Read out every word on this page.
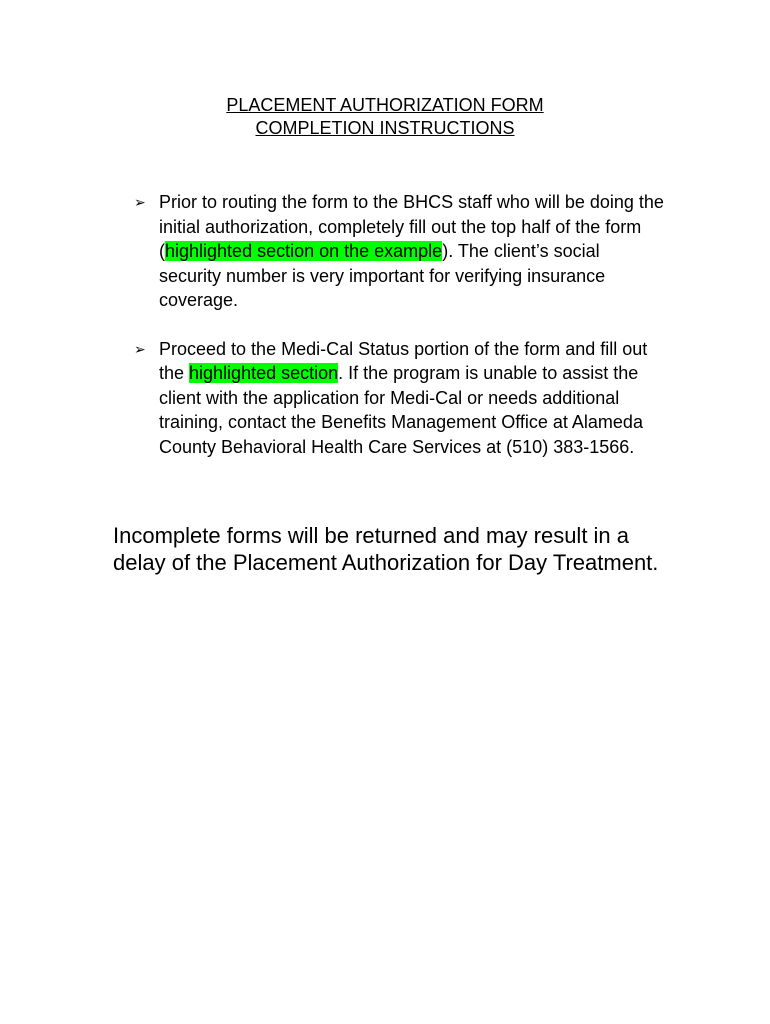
PLACEMENT AUTHORIZATION FORM
COMPLETION INSTRUCTIONS
➢ Prior to routing the form to the BHCS staff who will be doing the initial authorization, completely fill out the top half of the form (highlighted section on the example). The client’s social security number is very important for verifying insurance coverage.
➢ Proceed to the Medi-Cal Status portion of the form and fill out the highlighted section. If the program is unable to assist the client with the application for Medi-Cal or needs additional training, contact the Benefits Management Office at Alameda County Behavioral Health Care Services at (510) 383-1566.

Incomplete forms will be returned and may result in a delay of the Placement Authorization for Day Treatment.
